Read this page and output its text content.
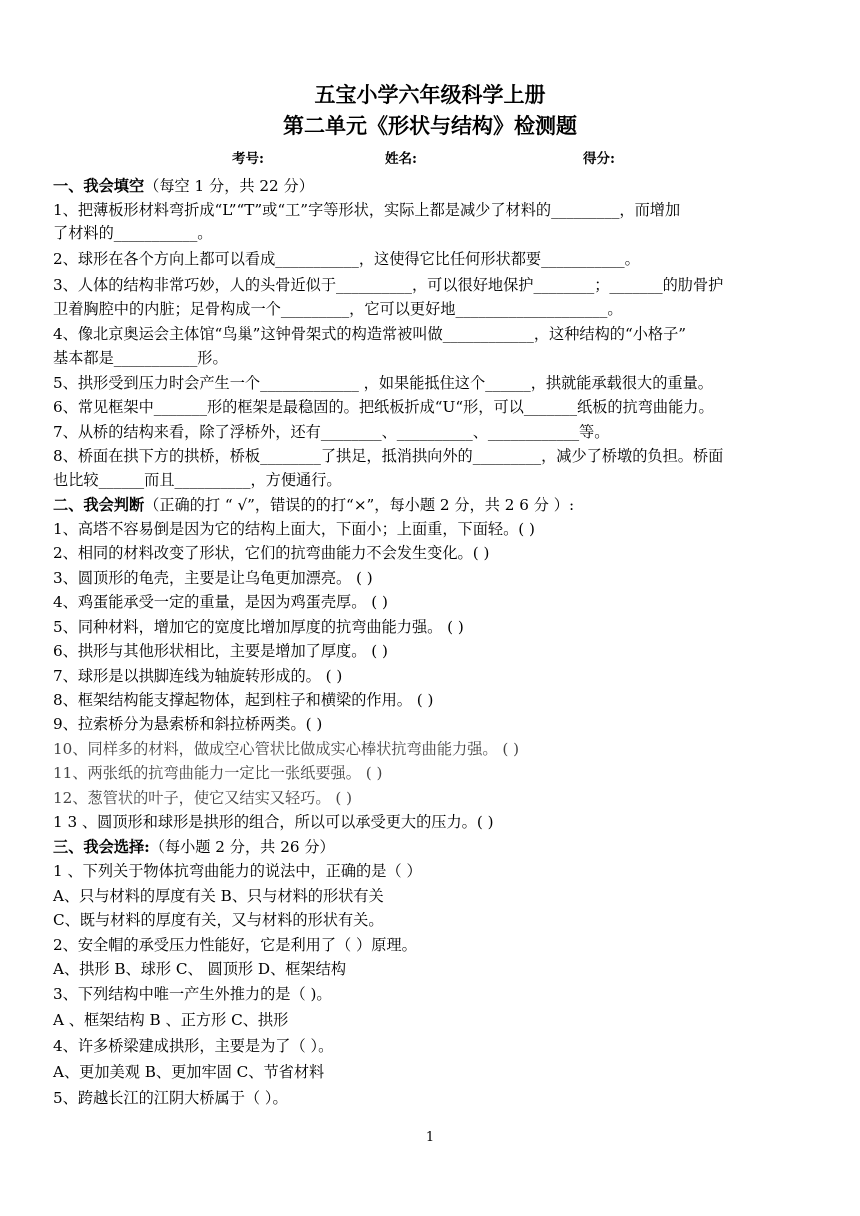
五宝小学六年级科学上册
第二单元《形状与结构》检测题
考号:	姓名:	得分:
一、我会填空（每空 1 分，共 22 分）
1、把薄板形材料弯折成“L”“T”或“工”字等形状，实际上都是减少了材料的_________，而增加
了材料的___________。
2、球形在各个方向上都可以看成___________，这使得它比任何形状都要___________。
3、人体的结构非常巧妙，人的头骨近似于__________，可以很好地保护________；_______的肋骨护
卫着胸腔中的内脏；足骨构成一个_________，它可以更好地____________________。
4、像北京奥运会主体馆“鸟巢”这钟骨架式的构造常被叫做____________，这种结构的“小格子”
基本都是___________形。
5、拱形受到压力时会产生一个_____________ ，如果能抵住这个______，拱就能承载很大的重量。
6、常见框架中_______形的框架是最稳固的。把纸板折成“U“形，可以_______纸板的抗弯曲能力。
7、从桥的结构来看，除了浮桥外，还有________、__________、____________等。
8、桥面在拱下方的拱桥，桥板________了拱足，抵消拱向外的_________，减少了桥墩的负担。桥面
也比较______而且__________，方便通行。
二、我会判断（正确的打 “ √”，错误的的打“×”，每小题 2 分，共 2 6 分 ）:
1、高塔不容易倒是因为它的结构上面大，下面小；上面重，下面轻。( )
2、相同的材料改变了形状，它们的抗弯曲能力不会发生变化。( )
3、圆顶形的龟壳，主要是让乌龟更加漂亮。 ( )
4、鸡蛋能承受一定的重量，是因为鸡蛋壳厚。 ( )
5、同种材料，增加它的宽度比增加厚度的抗弯曲能力强。 ( )
6、拱形与其他形状相比，主要是增加了厚度。 ( )
7、球形是以拱脚连线为轴旋转形成的。 ( )
8、框架结构能支撑起物体，起到柱子和横梁的作用。 ( )
9、拉索桥分为悬索桥和斜拉桥两类。( )
10、同样多的材料，做成空心管状比做成实心棒状抗弯曲能力强。 ( )
11、两张纸的抗弯曲能力一定比一张纸要强。 ( )
12、葱管状的叶子，使它又结实又轻巧。 ( )
1 3 、圆顶形和球形是拱形的组合，所以可以承受更大的压力。( )
三、我会选择:（每小题 2 分，共 26 分）
1 、下列关于物体抗弯曲能力的说法中，正确的是（ ）
A、只与材料的厚度有关 B、只与材料的形状有关
C、既与材料的厚度有关，又与材料的形状有关。
2、安全帽的承受压力性能好，它是利用了（ ）原理。
A、拱形 B、球形 C、 圆顶形 D、框架结构
3、下列结构中唯一产生外推力的是（ )。
A 、框架结构 B 、正方形 C、拱形
4、许多桥梁建成拱形，主要是为了（ ）。
A、更加美观 B、更加牢固 C、节省材料
5、跨越长江的江阴大桥属于（ ）。
1
